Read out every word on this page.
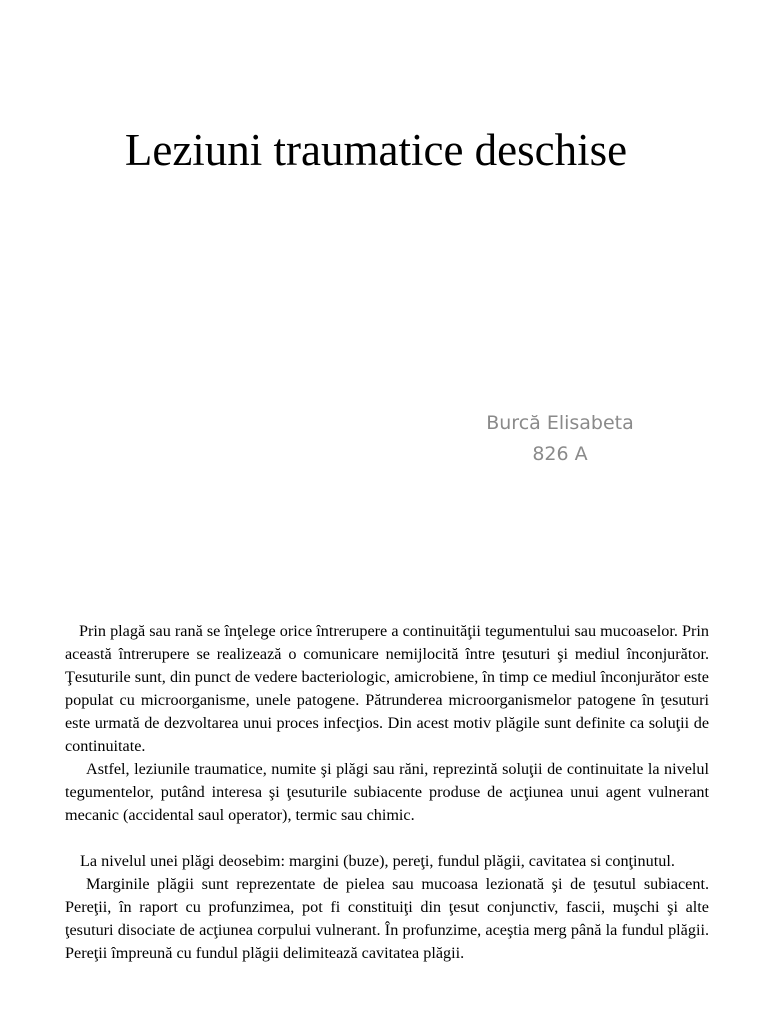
Leziuni traumatice deschise
Burcă Elisabeta
826 A

Prin plagă sau rană se înţelege orice întrerupere a continuităţii tegumentului sau mucoaselor. Prin această întrerupere se realizează o comunicare nemijlocită între ţesuturi şi mediul înconjurător. Ţesuturile sunt, din punct de vedere bacteriologic, amicrobiene, în timp ce mediul înconjurător este populat cu microorganisme, unele patogene. Pătrunderea microorganismelor patogene în ţesuturi este urmată de dezvoltarea unui proces infecţios. Din acest motiv plăgile sunt definite ca soluţii de continuitate.

Astfel, leziunile traumatice, numite şi plăgi sau răni, reprezintă soluţii de continuitate la nivelul tegumentelor, putând interesa şi ţesuturile subiacente produse de acţiunea unui agent vulnerant mecanic (accidental saul operator), termic sau chimic.

La nivelul unei plăgi deosebim: margini (buze), pereţi, fundul plăgii, cavitatea si conţinutul.

Marginile plăgii sunt reprezentate de pielea sau mucoasa lezionată şi de ţesutul subiacent. Pereţii, în raport cu profunzimea, pot fi constituiţi din ţesut conjunctiv, fascii, muşchi şi alte ţesuturi disociate de acţiunea corpului vulnerant. În profunzime, aceştia merg până la fundul plăgii. Pereţii împreună cu fundul plăgii delimitează cavitatea plăgii.
